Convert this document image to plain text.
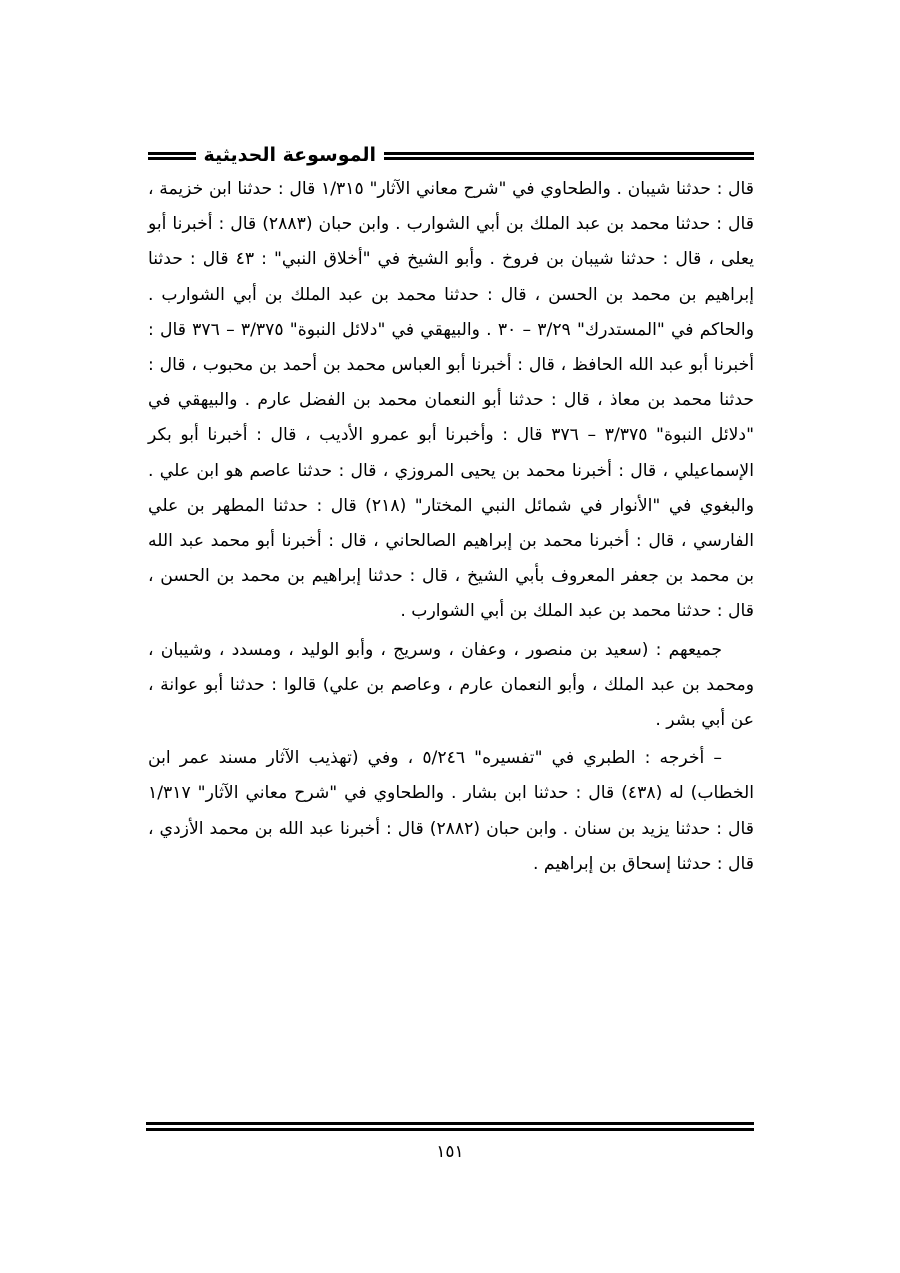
الموسوعة الحديثية

قال : حدثنا شيبان . والطحاوي في "شرح معاني الآثار" ١/٣١٥ قال : حدثنا ابن خزيمة ، قال : حدثنا محمد بن عبد الملك بن أبي الشوارب . وابن حبان (٢٨٨٣) قال : أخبرنا أبو يعلى ، قال : حدثنا شيبان بن فروخ . وأبو الشيخ في "أخلاق النبي" : ٤٣ قال : حدثنا إبراهيم بن محمد بن الحسن ، قال : حدثنا محمد بن عبد الملك بن أبي الشوارب . والحاكم في "المستدرك" ٣/٢٩ – ٣٠ . والبيهقي في "دلائل النبوة" ٣/٣٧٥ – ٣٧٦ قال : أخبرنا أبو عبد الله الحافظ ، قال : أخبرنا أبو العباس محمد بن أحمد بن محبوب ، قال : حدثنا محمد بن معاذ ، قال : حدثنا أبو النعمان محمد بن الفضل عارم . والبيهقي في "دلائل النبوة" ٣/٣٧٥ – ٣٧٦ قال : وأخبرنا أبو عمرو الأديب ، قال : أخبرنا أبو بكر الإسماعيلي ، قال : أخبرنا محمد بن يحيى المروزي ، قال : حدثنا عاصم هو ابن علي . والبغوي في "الأنوار في شمائل النبي المختار" (٢١٨) قال : حدثنا المطهر بن علي الفارسي ، قال : أخبرنا محمد بن إبراهيم الصالحاني ، قال : أخبرنا أبو محمد عبد الله بن محمد بن جعفر المعروف بأبي الشيخ ، قال : حدثنا إبراهيم بن محمد بن الحسن ، قال : حدثنا محمد بن عبد الملك بن أبي الشوارب .

جميعهم : (سعيد بن منصور ، وعفان ، وسريج ، وأبو الوليد ، ومسدد ، وشيبان ، ومحمد بن عبد الملك ، وأبو النعمان عارم ، وعاصم بن علي) قالوا : حدثنا أبو عوانة ، عن أبي بشر .

– أخرجه : الطبري في "تفسيره" ٥/٢٤٦ ، وفي (تهذيب الآثار مسند عمر ابن الخطاب) له (٤٣٨) قال : حدثنا ابن بشار . والطحاوي في "شرح معاني الآثار" ١/٣١٧ قال : حدثنا يزيد بن سنان . وابن حبان (٢٨٨٢) قال : أخبرنا عبد الله بن محمد الأزدي ، قال : حدثنا إسحاق بن إبراهيم .

١٥١
